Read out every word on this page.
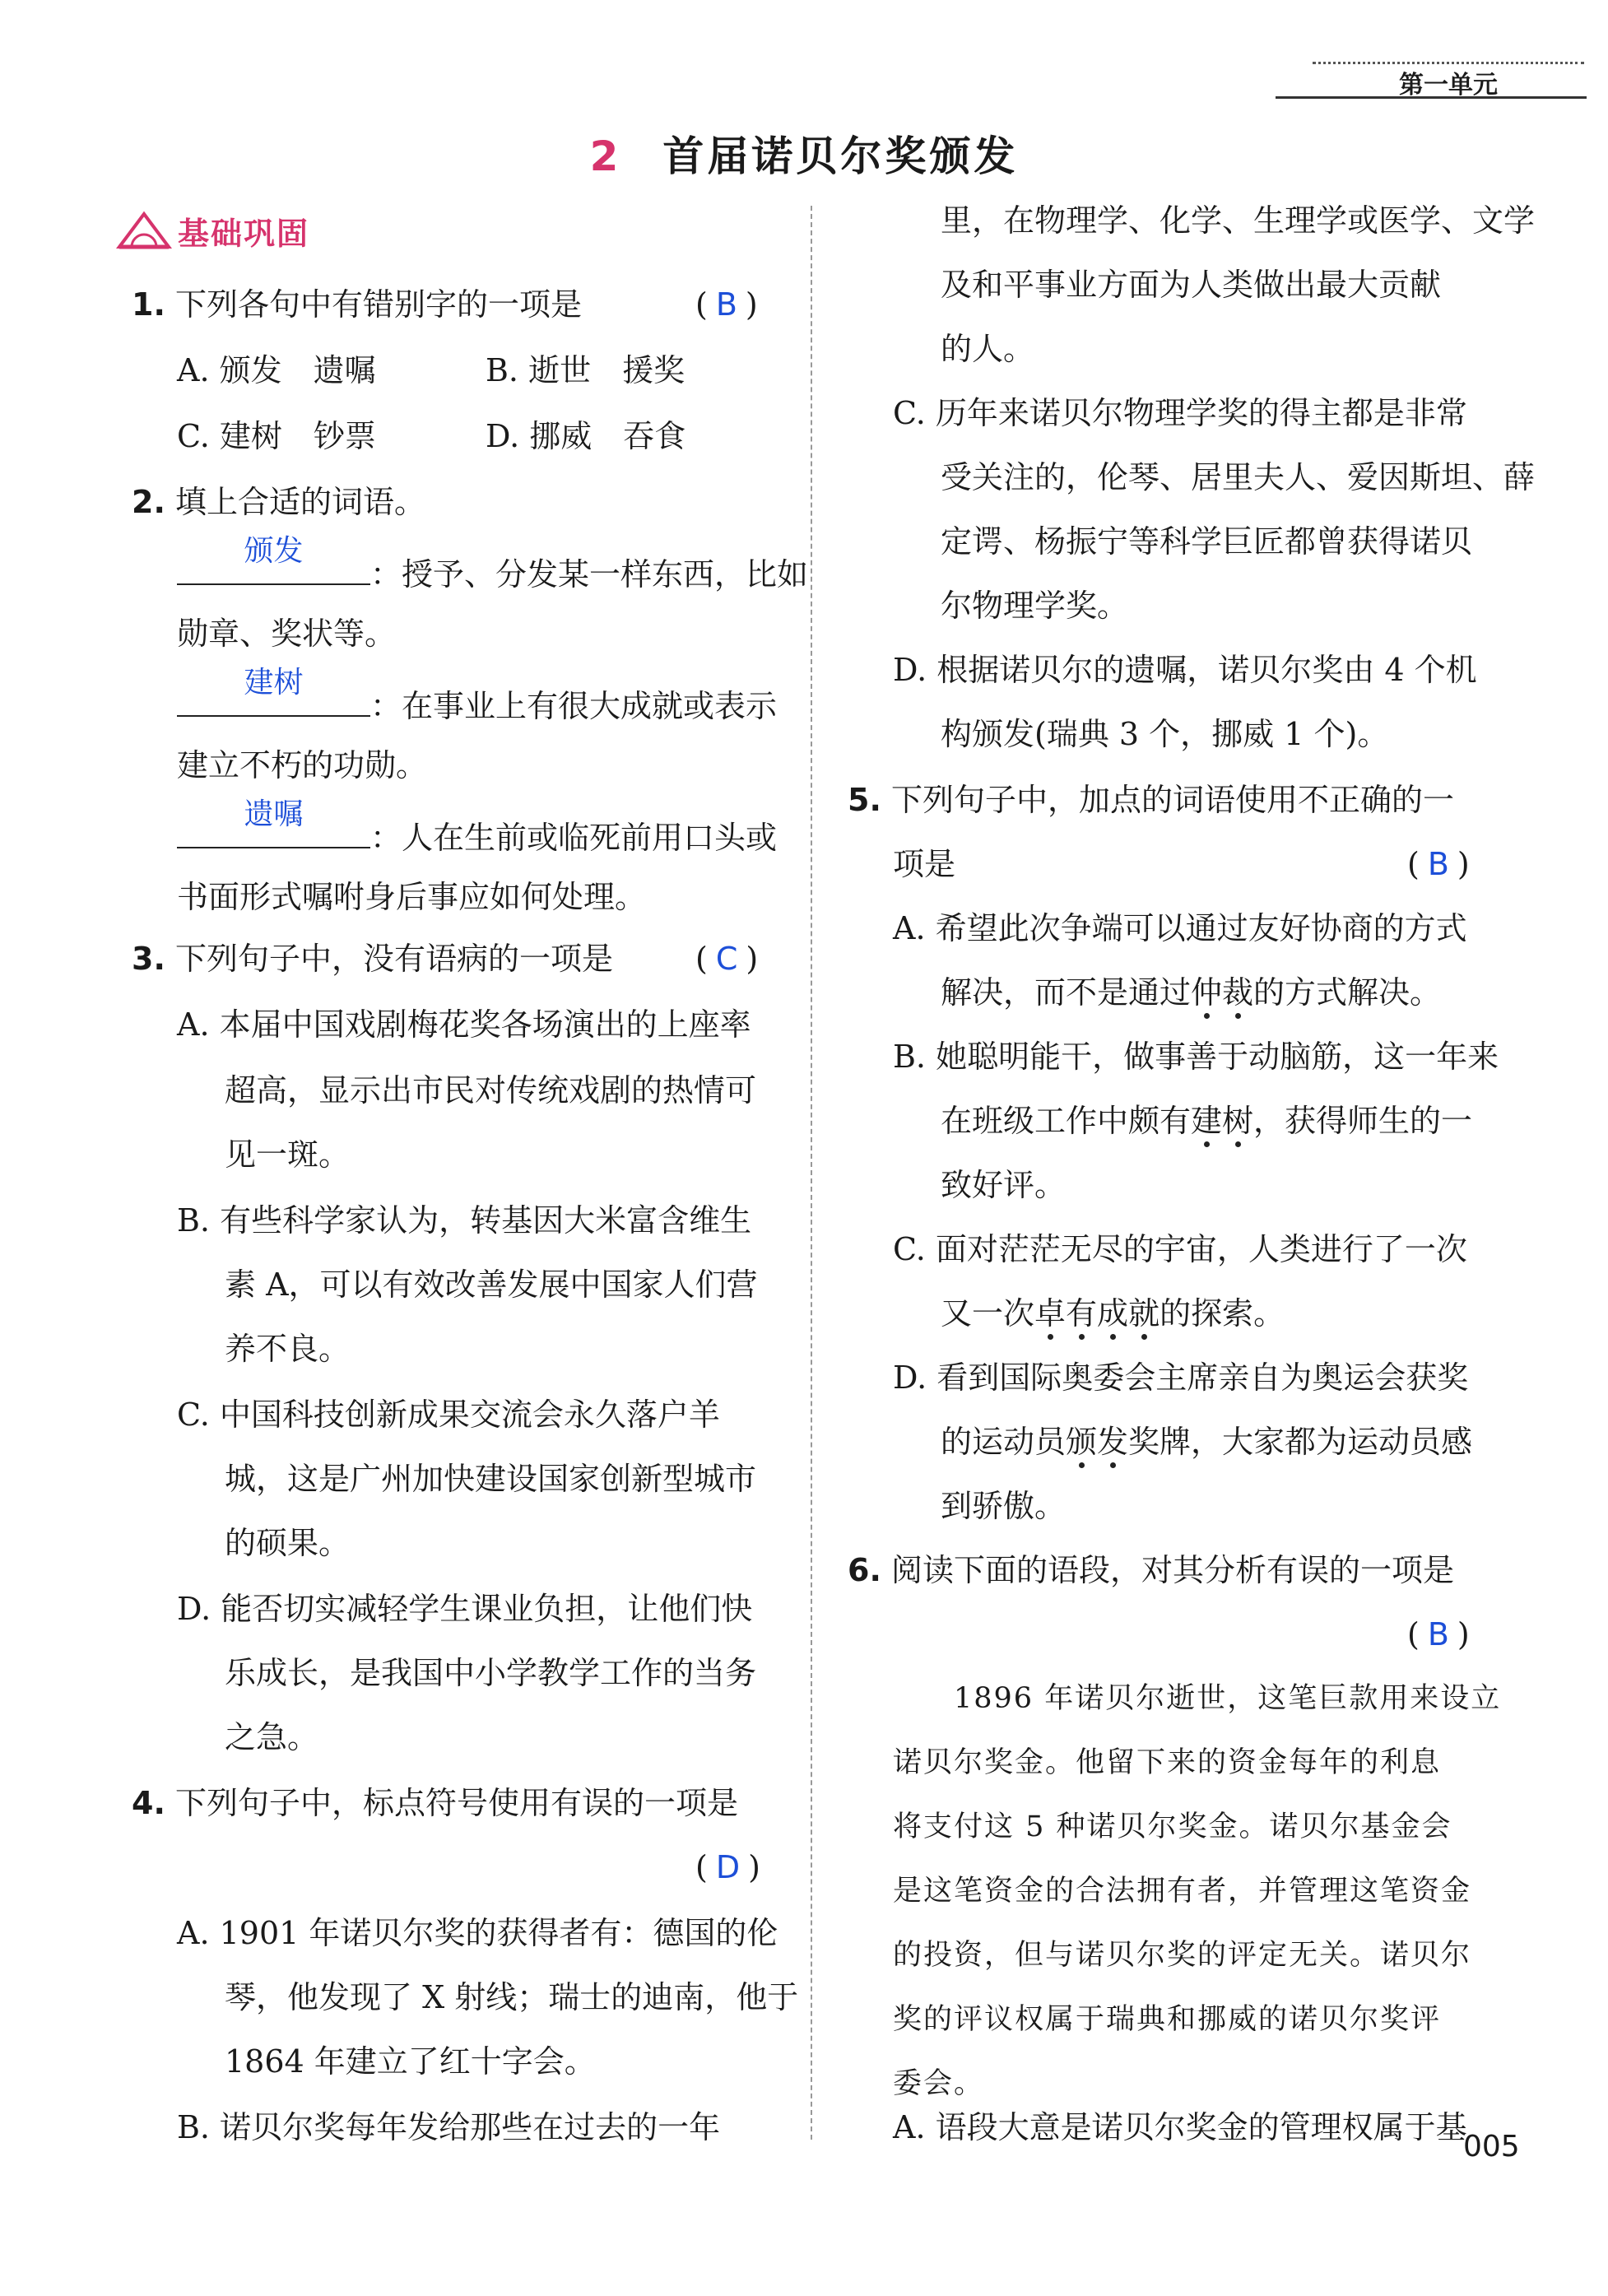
第一单元
2 首届诺贝尔奖颁发
基础巩固
1. 下列各句中有错别字的一项是	( B )
A. 颁发　遗嘱	B. 逝世　援奖
C. 建树　钞票	D. 挪威　吞食
2. 填上合适的词语。
颁发
：授予、分发某一样东西，比如
勋章、奖状等。
建树
：在事业上有很大成就或表示
建立不朽的功勋。
遗嘱
：人在生前或临死前用口头或
书面形式嘱咐身后事应如何处理。
3. 下列句子中，没有语病的一项是	( C )
A. 本届中国戏剧梅花奖各场演出的上座率
超高，显示出市民对传统戏剧的热情可
见一斑。
B. 有些科学家认为，转基因大米富含维生
素 A，可以有效改善发展中国家人们营
养不良。
C. 中国科技创新成果交流会永久落户羊
城，这是广州加快建设国家创新型城市
的硕果。
D. 能否切实减轻学生课业负担，让他们快
乐成长，是我国中小学教学工作的当务
之急。
4. 下列句子中，标点符号使用有误的一项是
( D )
A. 1901 年诺贝尔奖的获得者有：德国的伦
琴，他发现了 X 射线；瑞士的迪南，他于
1864 年建立了红十字会。
B. 诺贝尔奖每年发给那些在过去的一年
里，在物理学、化学、生理学或医学、文学
及和平事业方面为人类做出最大贡献
的人。
C. 历年来诺贝尔物理学奖的得主都是非常
受关注的，伦琴、居里夫人、爱因斯坦、薛
定谔、杨振宁等科学巨匠都曾获得诺贝
尔物理学奖。
D. 根据诺贝尔的遗嘱，诺贝尔奖由 4 个机
构颁发(瑞典 3 个，挪威 1 个)。
5. 下列句子中，加点的词语使用不正确的一
项是	( B )
A. 希望此次争端可以通过友好协商的方式
解决，而不是通过仲裁的方式解决。
B. 她聪明能干，做事善于动脑筋，这一年来
在班级工作中颇有建树，获得师生的一
致好评。
C. 面对茫茫无尽的宇宙，人类进行了一次
又一次卓有成就的探索。
D. 看到国际奥委会主席亲自为奥运会获奖
的运动员颁发奖牌，大家都为运动员感
到骄傲。
6. 阅读下面的语段，对其分析有误的一项是
( B )
　　1896 年诺贝尔逝世，这笔巨款用来设立
诺贝尔奖金。他留下来的资金每年的利息
将支付这 5 种诺贝尔奖金。诺贝尔基金会
是这笔资金的合法拥有者，并管理这笔资金
的投资，但与诺贝尔奖的评定无关。诺贝尔
奖的评议权属于瑞典和挪威的诺贝尔奖评
委会。
A. 语段大意是诺贝尔奖金的管理权属于基
005
